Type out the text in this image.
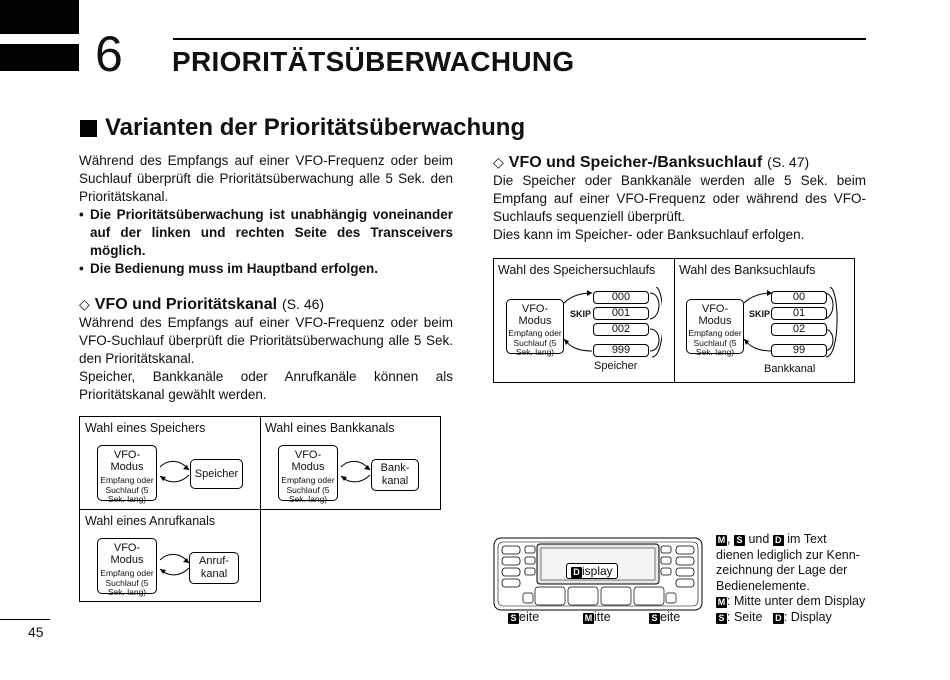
6 PRIORITÄTSÜBERWACHUNG
Varianten der Prioritätsüberwachung

Während des Empfangs auf einer VFO-Frequenz oder beim Suchlauf überprüft die Prioritätsüberwachung alle 5 Sek. den Prioritätskanal.

• Die Prioritätsüberwachung ist unabhängig voneinander auf der linken und rechten Seite des Transceivers möglich.
• Die Bedienung muss im Hauptband erfolgen.
◇ VFO und Prioritätskanal (S. 46)

Während des Empfangs auf einer VFO-Frequenz oder beim VFO-Suchlauf überprüft die Prioritätsüberwachung alle 5 Sek. den Prioritätskanal.

Speicher, Bankkanäle oder Anrufkanäle können als Prioritätskanal gewählt werden.

◇ VFO und Speicher-/Banksuchlauf (S. 47)

Die Speicher oder Bankkanäle werden alle 5 Sek. beim Empfang auf einer VFO-Frequenz oder während des VFO-Suchlaufs sequenziell überprüft.

Dies kann im Speicher- oder Banksuchlauf erfolgen.

Wahl eines Speichers
VFO-Modus
Empfang oder Suchlauf (5 Sek. lang)
Speicher
Wahl eines Bankkanals
VFO-Modus
Empfang oder Suchlauf (5 Sek. lang)
Bank-kanal
Wahl eines Anrufkanals
VFO-Modus
Empfang oder Suchlauf (5 Sek. lang)
Anruf-kanal
Wahl des Speichersuchlaufs
VFO-Modus
Empfang oder Suchlauf (5 Sek. lang)
SKIP
000
001
002
999
Speicher
Wahl des Banksuchlaufs
VFO-Modus
Empfang oder Suchlauf (5 Sek. lang)
SKIP
00
01
02
99
Bankkanal
D isplay
S eite	M itte	S eite
M , S und D im Text
dienen lediglich zur Kenn-
zeichnung der Lage der
Bedienelemente.
M : Mitte unter dem Display
S : Seite D : Display
45
